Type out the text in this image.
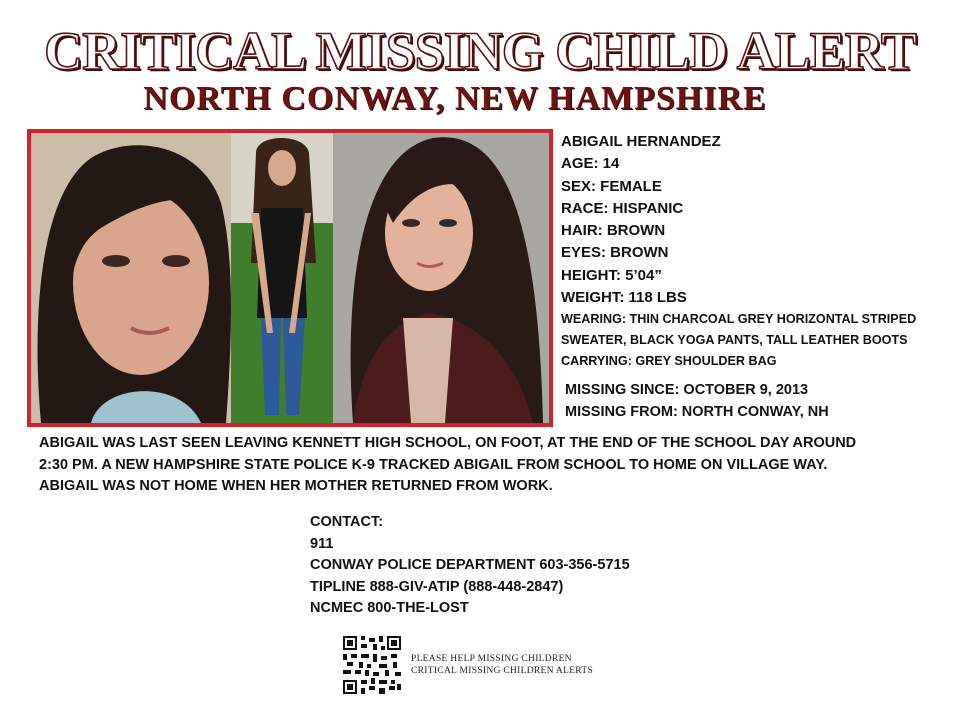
CRITICAL MISSING CHILD ALERT
NORTH CONWAY, NEW HAMPSHIRE
ABIGAIL HERNANDEZ
AGE: 14
SEX: FEMALE
RACE: HISPANIC
HAIR: BROWN
EYES: BROWN
HEIGHT: 5’04”
WEIGHT: 118 LBS
WEARING: THIN CHARCOAL GREY HORIZONTAL STRIPED
SWEATER, BLACK YOGA PANTS, TALL LEATHER BOOTS
CARRYING: GREY SHOULDER BAG
MISSING SINCE: OCTOBER 9, 2013
MISSING FROM: NORTH CONWAY, NH
ABIGAIL WAS LAST SEEN LEAVING KENNETT HIGH SCHOOL, ON FOOT, AT THE END OF THE SCHOOL DAY AROUND
2:30 PM. A NEW HAMPSHIRE STATE POLICE K-9 TRACKED ABIGAIL FROM SCHOOL TO HOME ON VILLAGE WAY.
ABIGAIL WAS NOT HOME WHEN HER MOTHER RETURNED FROM WORK.
CONTACT:
911
CONWAY POLICE DEPARTMENT 603-356-5715
TIPLINE 888-GIV-ATIP (888-448-2847)
NCMEC 800-THE-LOST
PLEASE HELP MISSING CHILDREN
CRITICAL MISSING CHILDREN ALERTS
